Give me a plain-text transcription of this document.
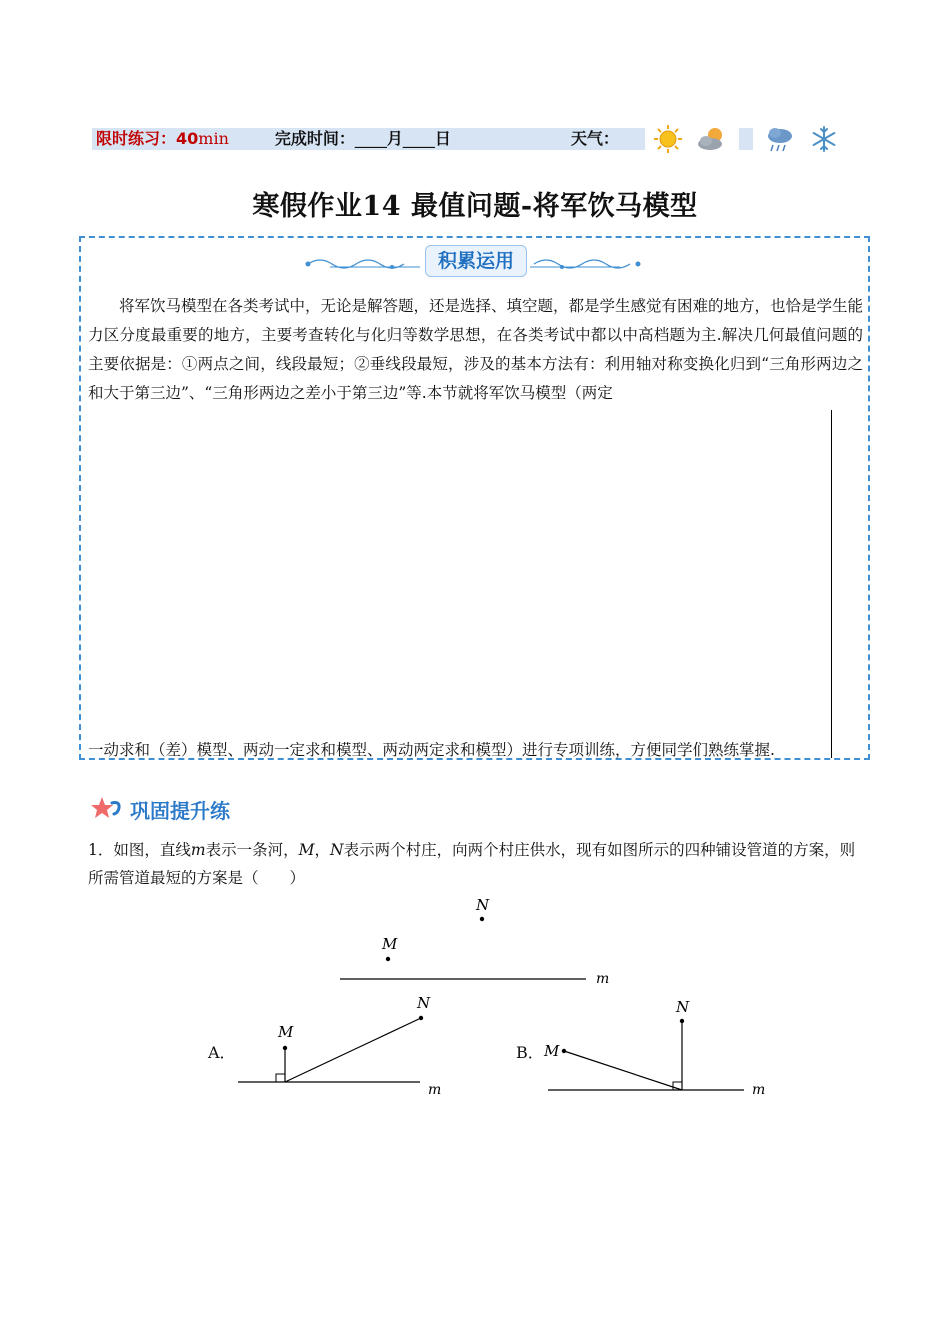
限时练习：40min	完成时间：____月____日	天气：
寒假作业14 最值问题-将军饮马模型
积累运用

将军饮马模型在各类考试中，无论是解答题，还是选择、填空题，都是学生感觉有困难的地方，也恰是学生能力区分度最重要的地方，主要考查转化与化归等数学思想，在各类考试中都以中高档题为主.解决几何最值问题的主要依据是：①两点之间，线段最短；②垂线段最短，涉及的基本方法有：利用轴对称变换化归到“三角形两边之和大于第三边”、“三角形两边之差小于第三边”等.本节就将军饮马模型（两定

一动求和（差）模型、两动一定求和模型、两动两定求和模型）进行专项训练，方便同学们熟练掌握.
巩固提升练

1．如图，直线m表示一条河，M，N表示两个村庄，向两个村庄供水，现有如图所示的四种铺设管道的方案，则所需管道最短的方案是（　　）

N
M
m
A．
N
M
m
B．
N
M
m
